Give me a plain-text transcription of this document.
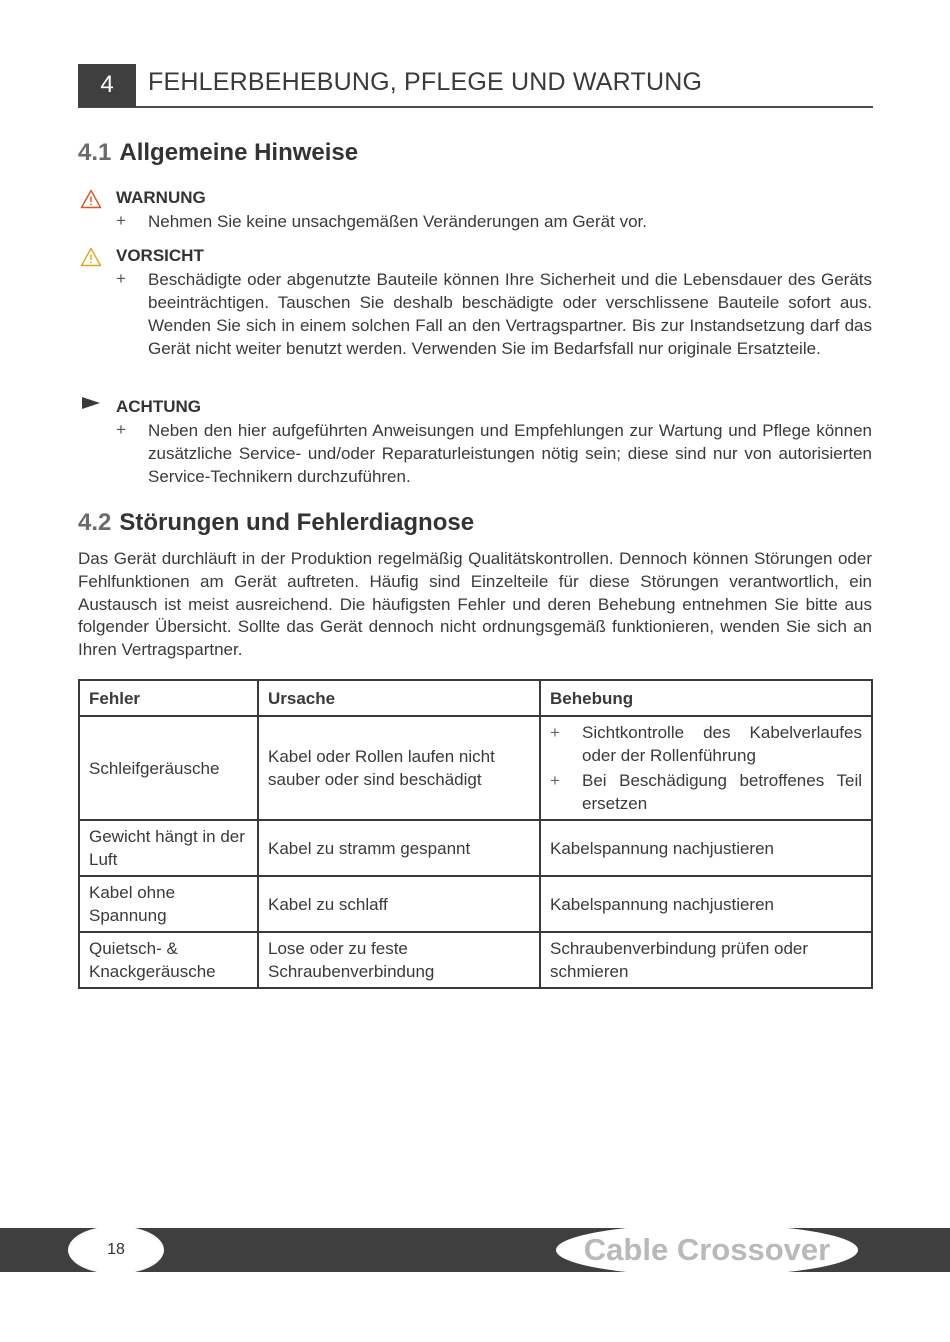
4	FEHLERBEHEBUNG, PFLEGE UND WARTUNG
4.1 Allgemeine Hinweise
WARNUNG
+ Nehmen Sie keine unsachgemäßen Veränderungen am Gerät vor.
VORSICHT
+ Beschädigte oder abgenutzte Bauteile können Ihre Sicherheit und die Lebensdauer des Geräts beeinträchtigen. Tauschen Sie deshalb beschädigte oder verschlissene Bauteile sofort aus. Wenden Sie sich in einem solchen Fall an den Vertragspartner. Bis zur Instandsetzung darf das Gerät nicht weiter benutzt werden. Verwenden Sie im Bedarfsfall nur originale Ersatzteile.
ACHTUNG
+ Neben den hier aufgeführten Anweisungen und Empfehlungen zur Wartung und Pflege können zusätzliche Service- und/oder Reparaturleistungen nötig sein; diese sind nur von autorisierten Service-Technikern durchzuführen.
4.2 Störungen und Fehlerdiagnose

Das Gerät durchläuft in der Produktion regelmäßig Qualitätskontrollen. Dennoch können Störungen oder Fehlfunktionen am Gerät auftreten. Häufig sind Einzelteile für diese Störungen verantwortlich, ein Austausch ist meist ausreichend. Die häufigsten Fehler und deren Behebung entnehmen Sie bitte aus folgender Übersicht. Sollte das Gerät dennoch nicht ordnungsgemäß funktionieren, wenden Sie sich an Ihren Vertragspartner.

Fehler	Ursache	Behebung
Schleifgeräusche	Kabel oder Rollen laufen nicht sauber oder sind beschädigt	+ Sichtkontrolle des Kabelverlaufes oder der Rollenführung
+ Bei Beschädigung betroffenes Teil ersetzen

Gewicht hängt in der Luft	Kabel zu stramm gespannt	Kabelspannung nachjustieren
Kabel ohne Spannung	Kabel zu schlaff	Kabelspannung nachjustieren
Quietsch- & Knackgeräusche	Lose oder zu feste Schraubenverbindung	Schraubenverbindung prüfen oder schmieren
18	Cable Crossover
